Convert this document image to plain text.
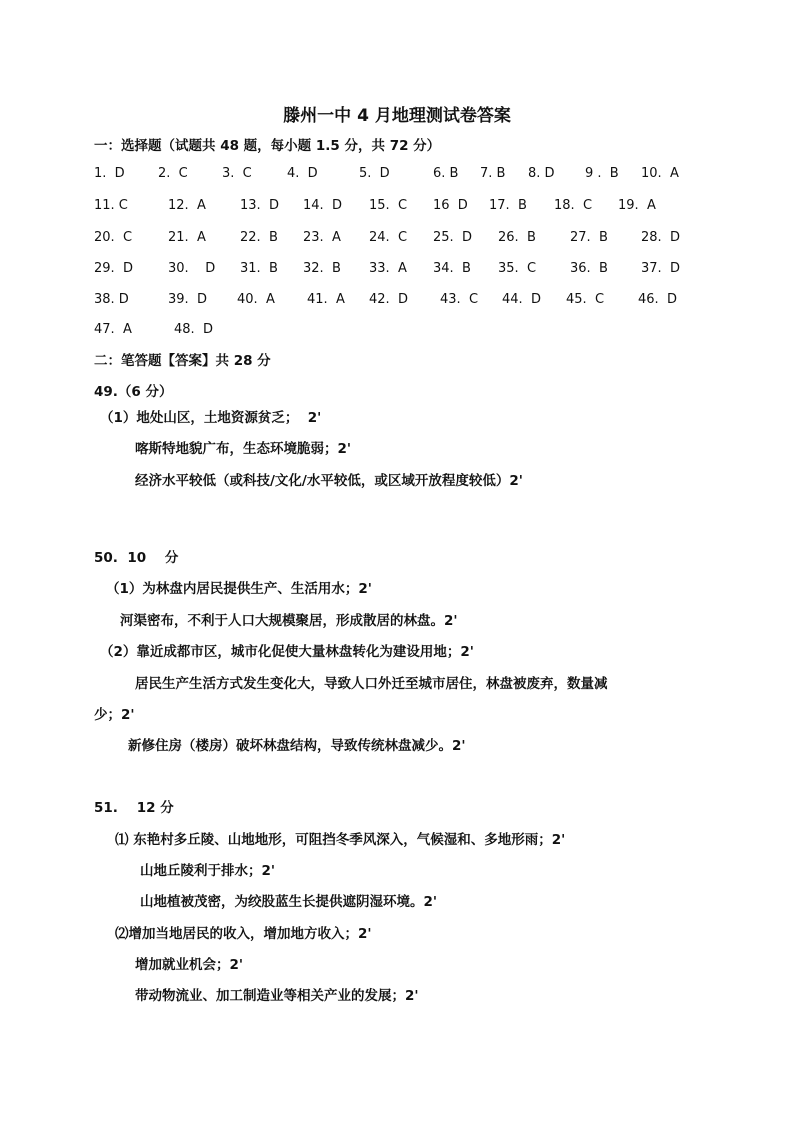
滕州一中 4 月地理测试卷答案
一：选择题（试题共 48 题，每小题 1.5 分，共 72 分）
1.  D	2.  C	3.  C	4.  D	5.  D	6. B 7. B 8. D 9 .  B 10.  A
11. C	12.  A	13.  D 14.  D 15.  C 16  D 17.  B 18.  C 19.  A
20.  C	21.  A	22.  B 23.  A 24.  C 25.  D 26.  B	27.  B	28.  D
29.  D	30.    D 31.  B 32.  B 33.  A 34.  B 35.  C	36.  B	37.  D
38. D	39.  D 40.  A 41.  A 42.  D 43.  C 44.  D 45.  C	46.  D
47.  A	48.  D
二：笔答题【答案】共 28 分
49.（6 分）
（1）地处山区，土地资源贫乏；  2'
喀斯特地貌广布，生态环境脆弱；2'
经济水平较低（或科技/文化/水平较低，或区域开放程度较低）2'
50.  10    分
（1）为林盘内居民提供生产、生活用水；2'
河渠密布，不利于人口大规模聚居，形成散居的林盘。2'
（2）靠近成都市区，城市化促使大量林盘转化为建设用地；2'
居民生产生活方式发生变化大，导致人口外迁至城市居住，林盘被废弃，数量减
少；2'
新修住房（楼房）破坏林盘结构，导致传统林盘减少。2'
51.    12 分
⑴ 东艳村多丘陵、山地地形，可阻挡冬季风深入，气候湿和、多地形雨；2'
山地丘陵利于排水；2'
山地植被茂密，为绞股蓝生长提供遮阴湿环境。2'
⑵增加当地居民的收入，增加地方收入；2'
增加就业机会；2'
带动物流业、加工制造业等相关产业的发展；2'
